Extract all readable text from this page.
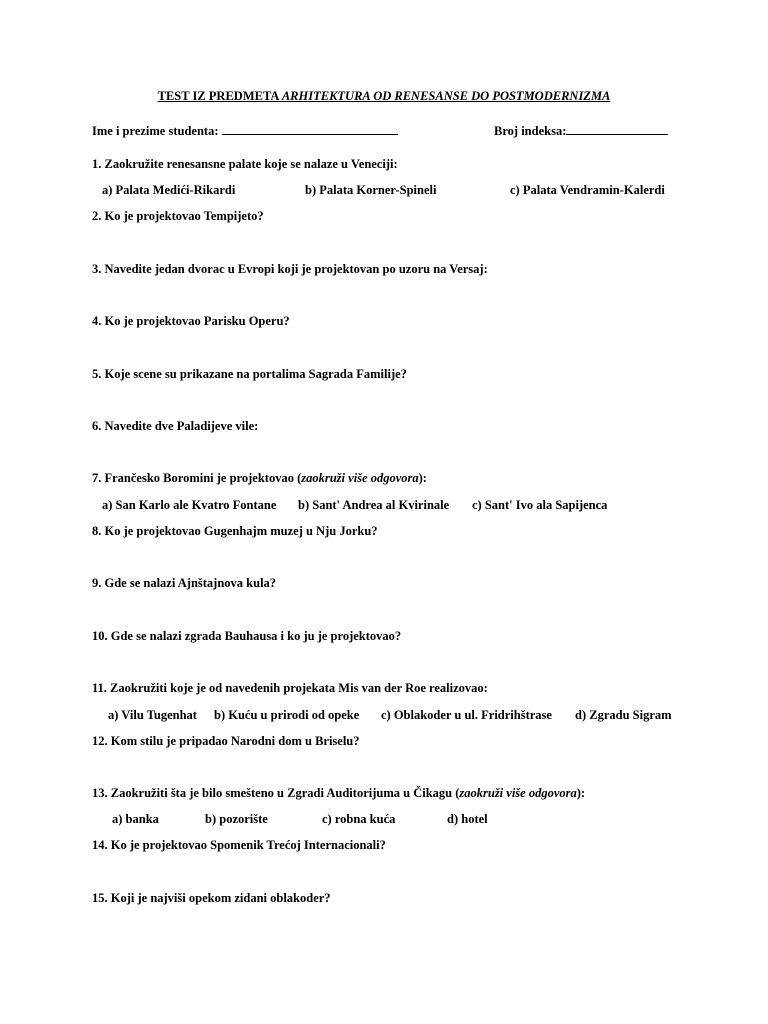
TEST IZ PREDMETA ARHITEKTURA OD RENESANSE DO POSTMODERNIZMA
Ime i prezime studenta:	Broj indeksa:
1. Zaokružite renesansne palate koje se nalaze u Veneciji:
a) Palata Medići-Rikardi	b) Palata Korner-Spineli	c) Palata Vendramin-Kalerdi
2. Ko je projektovao Tempijeto?
3. Navedite jedan dvorac u Evropi koji je projektovan po uzoru na Versaj:
4. Ko je projektovao Parisku Operu?
5. Koje scene su prikazane na portalima Sagrada Familije?
6. Navedite dve Paladijeve vile:
7. Frančesko Boromini je projektovao (zaokruži više odgovora):
a) San Karlo ale Kvatro Fontane b) Sant' Andrea al Kvirinale c) Sant' Ivo ala Sapijenca
8. Ko je projektovao Gugenhajm muzej u Nju Jorku?
9. Gde se nalazi Ajnštajnova kula?
10. Gde se nalazi zgrada Bauhausa i ko ju je projektovao?
11. Zaokružiti koje je od navedenih projekata Mis van der Roe realizovao:
a) Vilu Tugenhat b) Kuću u prirodi od opeke c) Oblakoder u ul. Fridrihštrase d) Zgradu Sigram
12. Kom stilu je pripadao Narodni dom u Briselu?
13. Zaokružiti šta je bilo smešteno u Zgradi Auditorijuma u Čikagu (zaokruži više odgovora):
a) banka	b) pozorište	c) robna kuća	d) hotel
14. Ko je projektovao Spomenik Trećoj Internacionali?
15. Koji je najviši opekom zidani oblakoder?
